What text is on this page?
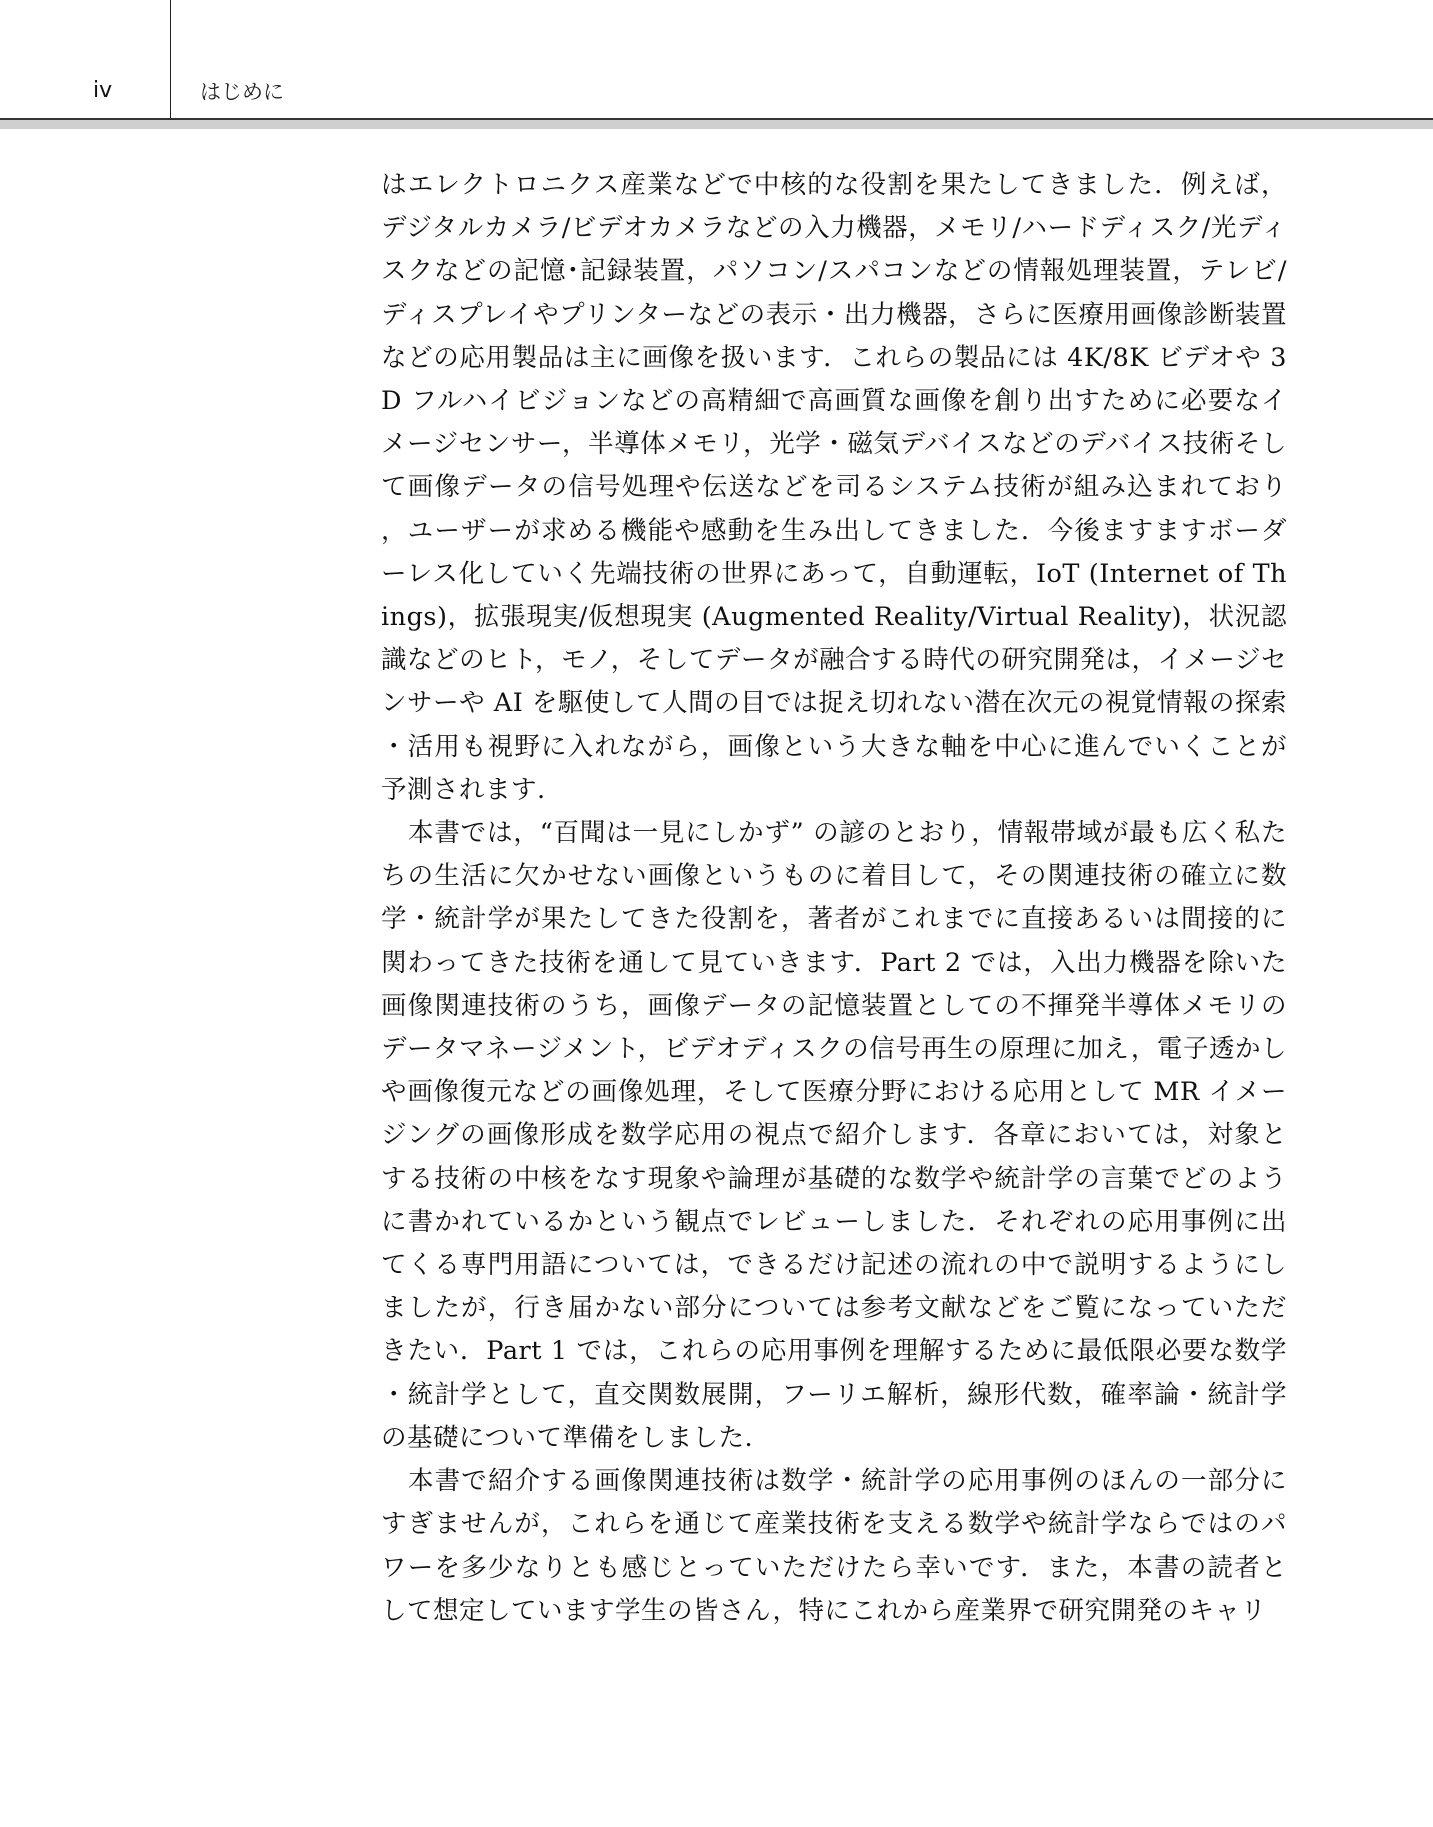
iv	はじめに

はエレクトロニクス産業などで中核的な役割を果たしてきました．例えば，デジタルカメラ/ビデオカメラなどの入力機器，メモリ/ハードディスク/光ディスクなどの記憶･記録装置，パソコン/スパコンなどの情報処理装置，テレビ/ディスプレイやプリンターなどの表示・出力機器，さらに医療用画像診断装置などの応用製品は主に画像を扱います．これらの製品には 4K/8K ビデオや 3D フルハイビジョンなどの高精細で高画質な画像を創り出すために必要なイメージセンサー，半導体メモリ，光学・磁気デバイスなどのデバイス技術そして画像データの信号処理や伝送などを司るシステム技術が組み込まれており，ユーザーが求める機能や感動を生み出してきました．今後ますますボーダーレス化していく先端技術の世界にあって，自動運転，IoT (Internet of Things)，拡張現実/仮想現実 (Augmented Reality/Virtual Reality)，状況認識などのヒト，モノ，そしてデータが融合する時代の研究開発は，イメージセンサーや AI を駆使して人間の目では捉え切れない潜在次元の視覚情報の探索・活用も視野に入れながら，画像という大きな軸を中心に進んでいくことが予測されます.

本書では，“百聞は一見にしかず” の諺のとおり，情報帯域が最も広く私たちの生活に欠かせない画像というものに着目して，その関連技術の確立に数学・統計学が果たしてきた役割を，著者がこれまでに直接あるいは間接的に関わってきた技術を通して見ていきます．Part 2 では，入出力機器を除いた画像関連技術のうち，画像データの記憶装置としての不揮発半導体メモリのデータマネージメント，ビデオディスクの信号再生の原理に加え，電子透かしや画像復元などの画像処理，そして医療分野における応用として MR イメージングの画像形成を数学応用の視点で紹介します．各章においては，対象とする技術の中核をなす現象や論理が基礎的な数学や統計学の言葉でどのように書かれているかという観点でレビューしました．それぞれの応用事例に出てくる専門用語については，できるだけ記述の流れの中で説明するようにしましたが，行き届かない部分については参考文献などをご覧になっていただきたい．Part 1 では，これらの応用事例を理解するために最低限必要な数学・統計学として，直交関数展開，フーリエ解析，線形代数，確率論・統計学の基礎について準備をしました.

本書で紹介する画像関連技術は数学・統計学の応用事例のほんの一部分にすぎませんが，これらを通じて産業技術を支える数学や統計学ならではのパワーを多少なりとも感じとっていただけたら幸いです．また，本書の読者として想定しています学生の皆さん，特にこれから産業界で研究開発のキャリ
